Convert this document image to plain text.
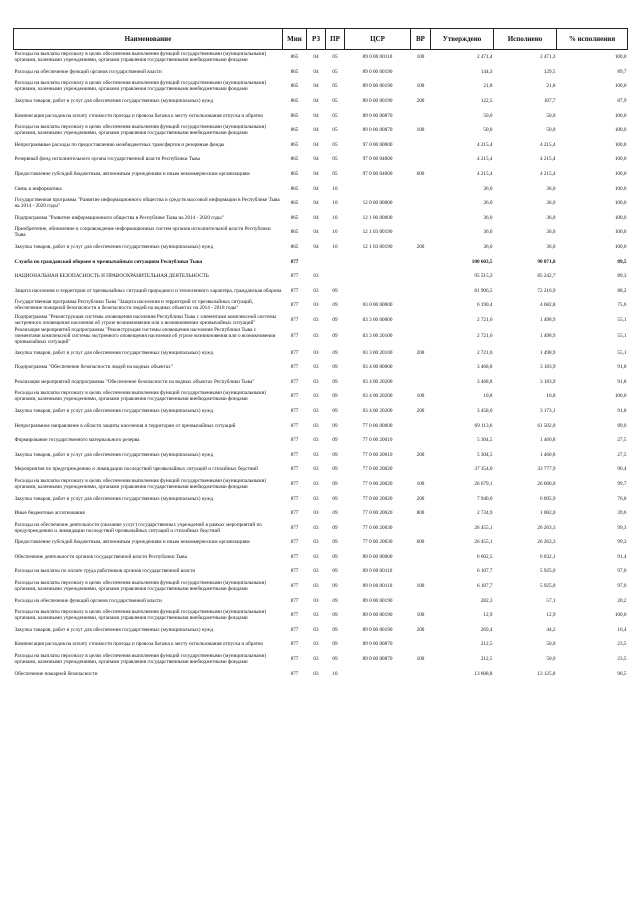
Наименование	Мин	РЗ	ПР	ЦСР	ВР	Утверждено	Исполнено	% исполнения
Расходы на выплаты персоналу в целях обеспечения выполнения функций государственными (муниципальными) органами, казенными учреждениями, органами управления государственными внебюджетными фондами	865	04	05	89 0 00 00110	100	2 471,4	2 471,3	100,0
Расходы на обеспечение функций органов государственной власти	865	04	05	89 0 00 00190		144,3	129,5	89,7
Расходы на выплаты персоналу в целях обеспечения выполнения функций государственными (муниципальными) органами, казенными учреждениями, органами управления государственными внебюджетными фондами	865	04	05	89 0 00 00190	100	21,8	21,8	100,0
Закупка товаров, работ и услуг для обеспечения государственных (муниципальных) нужд	865	04	05	89 0 00 00190	200	122,5	107,7	87,9
Компенсация расходов на оплату стоимости проезда и провоза багажа к месту использования отпуска и обратно	865	04	05	89 0 00 00870		50,0	50,0	100,0
Расходы на выплаты персоналу в целях обеспечения выполнения функций государственными (муниципальными) органами, казенными учреждениями, органами управления государственными внебюджетными фондами	865	04	05	89 0 00 00870	100	50,0	50,0	100,0
Непрограммные расходы по предоставлению межбюджетных трансфертов и резервные фонды	865	04	05	97 0 00 00000		4 215,4	4 215,4	100,0
Резервный фонд исполнительного органа государственной власти Республики Тыва	865	04	05	97 0 00 04000		4 215,4	4 215,4	100,0
Предоставление субсидий бюджетным, автономным учреждениям и иным некоммерческим организациям	865	04	05	97 0 00 04000	600	4 215,4	4 215,4	100,0
Связь и информатика	865	04	10			36,0	36,0	100,0
Государственная программа "Развитие информационного общества и средств массовой информации в Республике Тыва на 2014 - 2020 годы"	865	04	10	12 0 00 00000		36,0	36,0	100,0
Подпрограмма "Развитие информационного общества в Республике Тыва на 2014 - 2020 годы"	865	04	10	12 1 00 00000		36,0	36,0	100,0
Приобретение, обновление и сопровождение информационных систем органов исполнительной власти Республики Тыва	865	04	10	12 1 03 00190		36,0	36,0	100,0
Закупка товаров, работ и услуг для обеспечения государственных (муниципальных) нужд	865	04	10	12 1 03 00190	200	36,0	36,0	100,0
Служба по гражданской обороне и чрезвычайным ситуациям Республики Тыва	877					100 603,5	90 071,0	89,5
НАЦИОНАЛЬНАЯ БЕЗОПАСНОСТЬ И ПРАВООХРАНИТЕЛЬНАЯ ДЕЯТЕЛЬНОСТЬ	877	03				95 515,3	85 242,7	89,3
Защита населения и территории от чрезвычайных ситуаций природного и техногенного характера, гражданская оборона	877	03	09			81 906,5	72 216,9	88,2
Государственная программа Республики Тыва "Защита населения и территорий от чрезвычайных ситуаций, обеспечение пожарной безопасности и безопасности людей на водных объектах на 2014 - 2018 годы"	877	03	09	03 0 00 00000		6 190,4	4 682,8	75,6
Подпрограмма "Реконструкция системы оповещения населения Республики Тыва с элементами комплексной системы экстренного оповещения населения об угрозе возникновения или о возникновении чрезвычайных ситуаций"	877	03	09	03 3 00 00000		2 721,6	1 498,9	55,1
Реализация мероприятий подпрограммы "Реконструкция системы оповещения населения Республики Тыва с элементами комплексной системы экстренного оповещения населения об угрозе возникновения или о возникновении чрезвычайных ситуаций"	877	03	09	03 3 00 20100		2 721,6	1 498,9	55,1
Закупка товаров, работ и услуг для обеспечения государственных (муниципальных) нужд	877	03	09	03 3 00 20100	200	2 721,6	1 498,9	55,1
Подпрограмма "Обеспечение безопасности людей на водных объектах"	877	03	09	03 4 00 00000		3 468,8	3 183,9	91,8
Реализация мероприятий подпрограммы "Обеспечение безопасности на водных объектах Республики Тыва"	877	03	09	03 4 00 20200		3 468,8	3 183,9	91,8
Расходы на выплаты персоналу в целях обеспечения выполнения функций государственными (муниципальными) органами, казенными учреждениями, органами управления государственными внебюджетными фондами	877	03	09	03 4 00 20200	100	10,8	10,8	100,0
Закупка товаров, работ и услуг для обеспечения государственных (муниципальных) нужд	877	03	09	03 4 00 20200	200	3 458,0	3 173,1	91,8
Непрограммное направление в области защиты населения и территории от чрезвычайных ситуаций	877	03	09	77 0 00 00000		69 113,6	61 502,0	89,0
Формирование государственного материального резерва	877	03	09	77 0 00 20010		5 304,5	1 460,8	27,5
Закупка товаров, работ и услуг для обеспечения государственных (муниципальных) нужд	877	03	09	77 0 00 20010	200	5 304,5	1 460,8	27,5
Мероприятия по предупреждению и ликвидации последствий чрезвычайных ситуаций и стихийных бедствий	877	03	09	77 0 00 20020		37 354,0	33 777,9	90,4
Расходы на выплаты персоналу в целях обеспечения выполнения функций государственными (муниципальными) органами, казенными учреждениями, органами управления государственными внебюджетными фондами	877	03	09	77 0 00 20020	100	26 679,1	26 600,0	99,7
Закупка товаров, работ и услуг для обеспечения государственных (муниципальных) нужд	877	03	09	77 0 00 20020	200	7 940,0	6 095,9	76,8
Иные бюджетные ассигнования	877	03	09	77 0 00 20020	800	2 734,9	1 082,0	39,6
Расходы на обеспечение деятельности (оказание услуг) государственных учреждений в рамках мероприятий по предупреждению и ликвидации последствий чрезвычайных ситуаций и стихийных бедствий	877	03	09	77 0 00 20030		26 455,1	26 263,3	99,3
Предоставление субсидий бюджетным, автономным учреждениям и иным некоммерческим организациям	877	03	09	77 0 00 20030	600	26 455,1	26 263,3	99,3
Обеспечение деятельности органов государственной власти Республики Тыва	877	03	09	89 0 00 00000		6 602,5	6 032,1	91,4
Расходы на выплаты по оплате труда работников органов государственной власти	877	03	09	89 0 00 00110		6 107,7	5 925,0	97,0
Расходы на выплаты персоналу в целях обеспечения выполнения функций государственными (муниципальными) органами, казенными учреждениями, органами управления государственными внебюджетными фондами	877	03	09	89 0 00 00110	100	6 107,7	5 925,0	97,0
Расходы на обеспечение функций органов государственной власти	877	03	09	89 0 00 00190		282,3	57,1	20,2
Расходы на выплаты персоналу в целях обеспечения выполнения функций государственными (муниципальными) органами, казенными учреждениями, органами управления государственными внебюджетными фондами	877	03	09	89 0 00 00190	100	12,9	12,9	100,0
Закупка товаров, работ и услуг для обеспечения государственных (муниципальных) нужд	877	03	09	89 0 00 00190	200	269,4	44,2	16,4
Компенсация расходов на оплату стоимости проезда и провоза багажа к месту использования отпуска и обратно	877	03	09	89 0 00 00870		212,5	50,0	23,5
Расходы на выплаты персоналу в целях обеспечения выполнения функций государственными (муниципальными) органами, казенными учреждениями, органами управления государственными внебюджетными фондами	877	03	09	89 0 00 00870	100	212,5	50,0	23,5
Обеспечение пожарной безопасности	877	03	10			13 608,8	13 125,8	96,5
